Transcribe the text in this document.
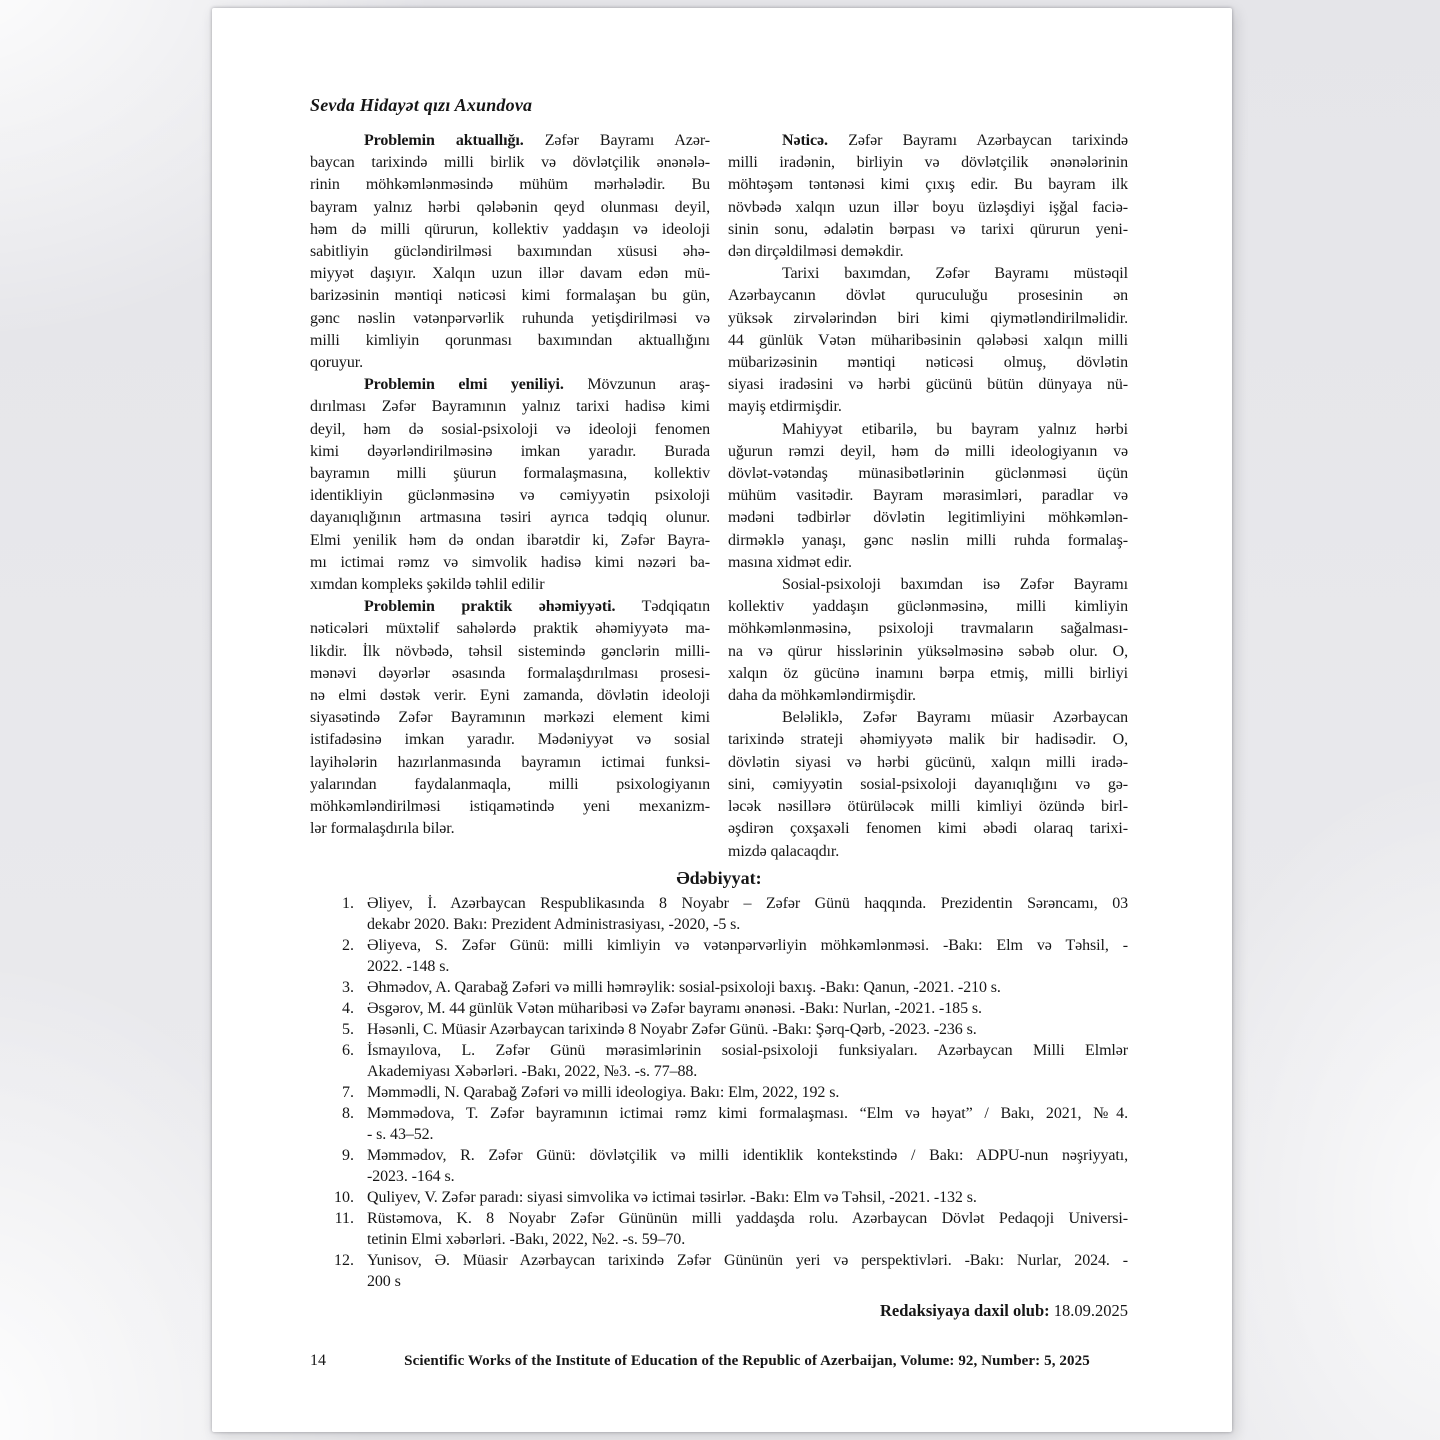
Sevda Hidayət qızı Axundova
Problemin aktuallığı. Zəfər Bayramı Azər-
baycan tarixində milli birlik və dövlətçilik ənənələ-
rinin möhkəmlənməsində mühüm mərhələdir. Bu
bayram yalnız hərbi qələbənin qeyd olunması deyil,
həm də milli qürurun, kollektiv yaddaşın və ideoloji
sabitliyin gücləndirilməsi baxımından xüsusi əhə-
miyyət daşıyır. Xalqın uzun illər davam edən mü-
barizəsinin məntiqi nəticəsi kimi formalaşan bu gün,
gənc nəslin vətənpərvərlik ruhunda yetişdirilməsi və
milli kimliyin qorunması baxımından aktuallığını
qoruyur.
Problemin elmi yeniliyi. Mövzunun araş-
dırılması Zəfər Bayramının yalnız tarixi hadisə kimi
deyil, həm də sosial-psixoloji və ideoloji fenomen
kimi dəyərləndirilməsinə imkan yaradır. Burada
bayramın milli şüurun formalaşmasına, kollektiv
identikliyin güclənməsinə və cəmiyyətin psixoloji
dayanıqlığının artmasına təsiri ayrıca tədqiq olunur.
Elmi yenilik həm də ondan ibarətdir ki, Zəfər Bayra-
mı ictimai rəmz və simvolik hadisə kimi nəzəri ba-
xımdan kompleks şəkildə təhlil edilir
Problemin praktik əhəmiyyəti. Tədqiqatın
nəticələri müxtəlif sahələrdə praktik əhəmiyyətə ma-
likdir. İlk növbədə, təhsil sistemində gənclərin milli-
mənəvi dəyərlər əsasında formalaşdırılması prosesi-
nə elmi dəstək verir. Eyni zamanda, dövlətin ideoloji
siyasətində Zəfər Bayramının mərkəzi element kimi
istifadəsinə imkan yaradır. Mədəniyyət və sosial
layihələrin hazırlanmasında bayramın ictimai funksi-
yalarından faydalanmaqla, milli psixologiyanın
möhkəmləndirilməsi istiqamətində yeni mexanizm-
lər formalaşdırıla bilər.
Nəticə. Zəfər Bayramı Azərbaycan tarixində
milli iradənin, birliyin və dövlətçilik ənənələrinin
möhtəşəm təntənəsi kimi çıxış edir. Bu bayram ilk
növbədə xalqın uzun illər boyu üzləşdiyi işğal faciə-
sinin sonu, ədalətin bərpası və tarixi qürurun yeni-
dən dirçəldilməsi deməkdir.
Tarixi baxımdan, Zəfər Bayramı müstəqil
Azərbaycanın dövlət quruculuğu prosesinin ən
yüksək zirvələrindən biri kimi qiymətləndirilməlidir.
44 günlük Vətən müharibəsinin qələbəsi xalqın milli
mübarizəsinin məntiqi nəticəsi olmuş, dövlətin
siyasi iradəsini və hərbi gücünü bütün dünyaya nü-
mayiş etdirmişdir.
Mahiyyət etibarilə, bu bayram yalnız hərbi
uğurun rəmzi deyil, həm də milli ideologiyanın və
dövlət-vətəndaş münasibətlərinin güclənməsi üçün
mühüm vasitədir. Bayram mərasimləri, paradlar və
mədəni tədbirlər dövlətin legitimliyini möhkəmlən-
dirməklə yanaşı, gənc nəslin milli ruhda formalaş-
masına xidmət edir.
Sosial-psixoloji baxımdan isə Zəfər Bayramı
kollektiv yaddaşın güclənməsinə, milli kimliyin
möhkəmlənməsinə, psixoloji travmaların sağalması-
na və qürur hisslərinin yüksəlməsinə səbəb olur. O,
xalqın öz gücünə inamını bərpa etmiş, milli birliyi
daha da möhkəmləndirmişdir.
Beləliklə, Zəfər Bayramı müasir Azərbaycan
tarixində strateji əhəmiyyətə malik bir hadisədir. O,
dövlətin siyasi və hərbi gücünü, xalqın milli iradə-
sini, cəmiyyətin sosial-psixoloji dayanıqlığını və gə-
ləcək nəsillərə ötürüləcək milli kimliyi özündə birl-
əşdirən çoxşaxəli fenomen kimi əbədi olaraq tarixi-
mizdə qalacaqdır.
Ədəbiyyat:
1. Əliyev, İ. Azərbaycan Respublikasında 8 Noyabr – Zəfər Günü haqqında. Prezidentin Sərəncamı, 03
dekabr 2020. Bakı: Prezident Administrasiyası, -2020, -5 s.
2. Əliyeva, S. Zəfər Günü: milli kimliyin və vətənpərvərliyin möhkəmlənməsi. -Bakı: Elm və Təhsil, -
2022. -148 s.
3. Əhmədov, A. Qarabağ Zəfəri və milli həmrəylik: sosial-psixoloji baxış. -Bakı: Qanun, -2021. -210 s.
4. Əsgərov, M. 44 günlük Vətən müharibəsi və Zəfər bayramı ənənəsi. -Bakı: Nurlan, -2021. -185 s.
5. Həsənli, C. Müasir Azərbaycan tarixində 8 Noyabr Zəfər Günü. -Bakı: Şərq-Qərb, -2023. -236 s.
6. İsmayılova, L. Zəfər Günü mərasimlərinin sosial-psixoloji funksiyaları. Azərbaycan Milli Elmlər
Akademiyası Xəbərləri. -Bakı, 2022, №3. -s. 77–88.
7. Məmmədli, N. Qarabağ Zəfəri və milli ideologiya. Bakı: Elm, 2022, 192 s.
8. Məmmədova, T. Zəfər bayramının ictimai rəmz kimi formalaşması. “Elm və həyat” / Bakı, 2021, №4.
- s. 43–52.
9. Məmmədov, R. Zəfər Günü: dövlətçilik və milli identiklik kontekstində / Bakı: ADPU-nun nəşriyyatı,
-2023. -164 s.
10. Quliyev, V. Zəfər paradı: siyasi simvolika və ictimai təsirlər. -Bakı: Elm və Təhsil, -2021. -132 s.
11. Rüstəmova, K. 8 Noyabr Zəfər Gününün milli yaddaşda rolu. Azərbaycan Dövlət Pedaqoji Universi-
tetinin Elmi xəbərləri. -Bakı, 2022, №2. -s. 59–70.
12. Yunisov, Ə. Müasir Azərbaycan tarixində Zəfər Gününün yeri və perspektivləri. -Bakı: Nurlar, 2024. -
200 s
Redaksiyaya daxil olub: 18.09.2025
14	Scientific Works of the Institute of Education of the Republic of Azerbaijan, Volume: 92, Number: 5, 2025
